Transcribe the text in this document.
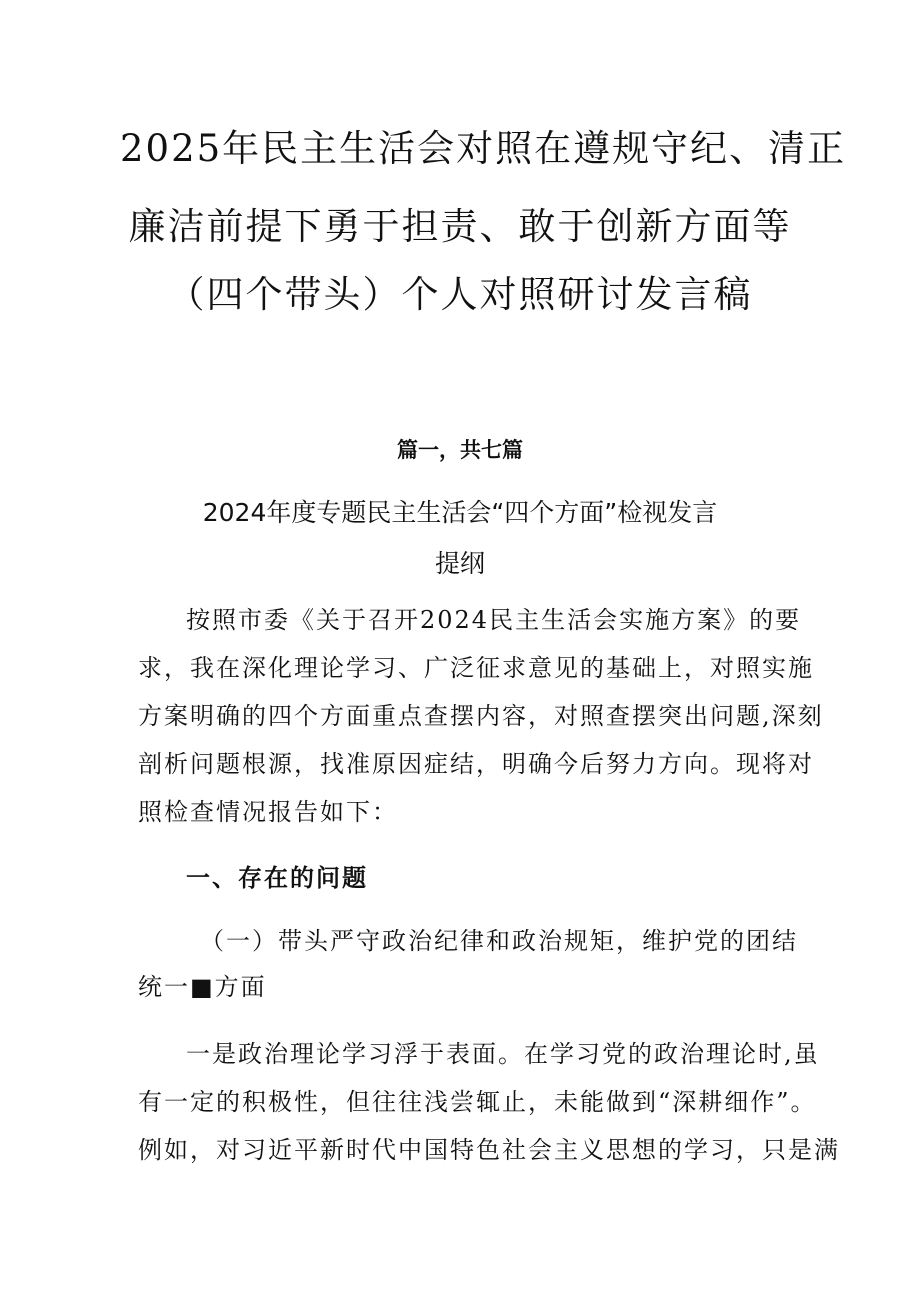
2025年民主生活会对照在遵规守纪、清正
廉洁前提下勇于担责、敢于创新方面等
（四个带头）个人对照研讨发言稿
篇一，共七篇
2024年度专题民主生活会“四个方面”检视发言
提纲
按照市委《关于召开2024民主生活会实施方案》的要
求，我在深化理论学习、广泛征求意见的基础上，对照实施
方案明确的四个方面重点查摆内容，对照查摆突出问题,深刻
剖析问题根源，找准原因症结，明确今后努力方向。现将对
照检查情况报告如下：
一、存在的问题
（一）带头严守政治纪律和政治规矩，维护党的团结
统一■方面
一是政治理论学习浮于表面。在学习党的政治理论时,虽
有一定的积极性，但往往浅尝辄止，未能做到“深耕细作”。
例如，对习近平新时代中国特色社会主义思想的学习，只是满
